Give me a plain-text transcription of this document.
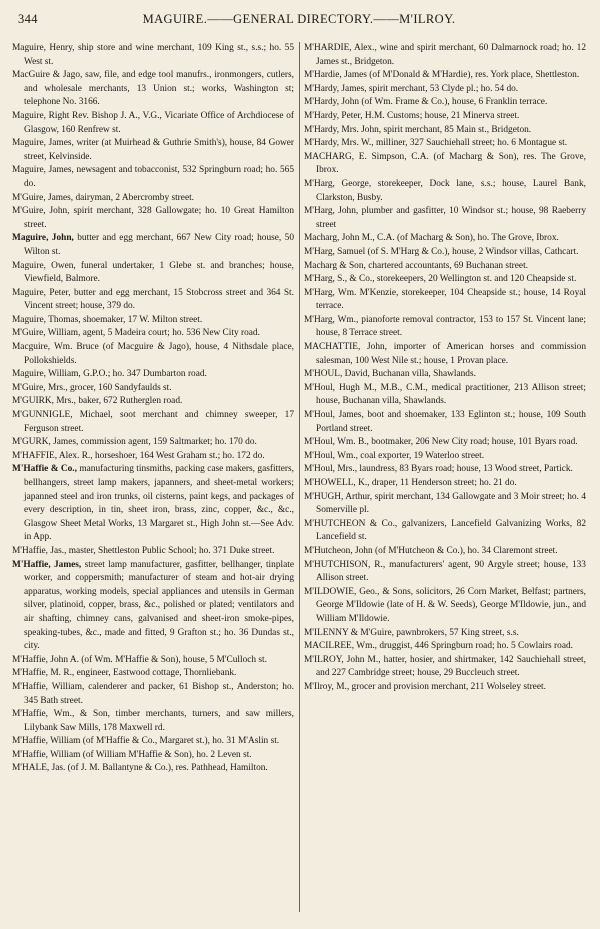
344	MAGUIRE.——GENERAL DIRECTORY.——M'ILROY.

Maguire, Henry, ship store and wine merchant, 109 King st., s.s.; ho. 55 West st.

MacGuire & Jago, saw, file, and edge tool manufrs., ironmongers, cutlers, and wholesale merchants, 13 Union st.; works, Washington st; telephone No. 3166.

Maguire, Right Rev. Bishop J. A., V.G., Vicariate Office of Archdiocese of Glasgow, 160 Renfrew st.

Maguire, James, writer (at Muirhead & Guthrie Smith's), house, 84 Gower street, Kelvinside.

Maguire, James, newsagent and tobacconist, 532 Springburn road; ho. 565 do.

M'Guire, James, dairyman, 2 Abercromby street.

M'Guire, John, spirit merchant, 328 Gallowgate; ho. 10 Great Hamilton street.

Maguire, John, butter and egg merchant, 667 New City road; house, 50 Wilton st.

Maguire, Owen, funeral undertaker, 1 Glebe st. and branches; house, Viewfield, Balmore.

Maguire, Peter, butter and egg merchant, 15 Stobcross street and 364 St. Vincent street; house, 379 do.

Maguire, Thomas, shoemaker, 17 W. Milton street.

M'Guire, William, agent, 5 Madeira court; ho. 536 New City road.

Macguire, Wm. Bruce (of Macguire & Jago), house, 4 Nithsdale place, Pollokshields.

Maguire, William, G.P.O.; ho. 347 Dumbarton road.

M'Guire, Mrs., grocer, 160 Sandyfaulds st.

M'GUIRK, Mrs., baker, 672 Rutherglen road.

M'GUNNIGLE, Michael, soot merchant and chimney sweeper, 17 Ferguson street.

M'GURK, James, commission agent, 159 Saltmarket; ho. 170 do.

M'HAFFIE, Alex. R., horseshoer, 164 West Graham st.; ho. 172 do.

M'Haffie & Co., manufacturing tinsmiths, packing case makers, gasfitters, bellhangers, street lamp makers, japanners, and sheet-metal workers; japanned steel and iron trunks, oil cisterns, paint kegs, and packages of every description, in tin, sheet iron, brass, zinc, copper, &c., &c., Glasgow Sheet Metal Works, 13 Margaret st., High John st.—See Adv. in App.

M'Haffie, Jas., master, Shettleston Public School; ho. 371 Duke street.

M'Haffie, James, street lamp manufacturer, gasfitter, bellhanger, tinplate worker, and coppersmith; manufacturer of steam and hot-air drying apparatus, working models, special appliances and utensils in German silver, platinoid, copper, brass, &c., polished or plated; ventilators and air shafting, chimney cans, galvanised and sheet-iron smoke-pipes, speaking-tubes, &c., made and fitted, 9 Grafton st.; ho. 36 Dundas st., city.

M'Haffie, John A. (of Wm. M'Haffie & Son), house, 5 M'Culloch st.

M'Haffie, M. R., engineer, Eastwood cottage, Thornliebank.

M'Haffie, William, calenderer and packer, 61 Bishop st., Anderston; ho. 345 Bath street.

M'Haffie, Wm., & Son, timber merchants, turners, and saw millers, Lilybank Saw Mills, 178 Maxwell rd.

M'Haffie, William (of M'Haffie & Co., Margaret st.), ho. 31 M'Aslin st.

M'Haffie, William (of William M'Haffie & Son), ho. 2 Leven st.

M'HALE, Jas. (of J. M. Ballantyne & Co.), res. Pathhead, Hamilton.

M'HARDIE, Alex., wine and spirit merchant, 60 Dalmarnock road; ho. 12 James st., Bridgeton.

M'Hardie, James (of M'Donald & M'Hardie), res. York place, Shettleston.

M'Hardy, James, spirit merchant, 53 Clyde pl.; ho. 54 do.

M'Hardy, John (of Wm. Frame & Co.), house, 6 Franklin terrace.

M'Hardy, Peter, H.M. Customs; house, 21 Minerva street.

M'Hardy, Mrs. John, spirit merchant, 85 Main st., Bridgeton.

M'Hardy, Mrs. W., milliner, 327 Sauchiehall street; ho. 6 Montague st.

MACHARG, E. Simpson, C.A. (of Macharg & Son), res. The Grove, Ibrox.

M'Harg, George, storekeeper, Dock lane, s.s.; house, Laurel Bank, Clarkston, Busby.

M'Harg, John, plumber and gasfitter, 10 Windsor st.; house, 98 Raeberry street

Macharg, John M., C.A. (of Macharg & Son), ho. The Grove, Ibrox.

M'Harg, Samuel (of S. M'Harg & Co.), house, 2 Windsor villas, Cathcart.

Macharg & Son, chartered accountants, 69 Buchanan street.

M'Harg, S., & Co., storekeepers, 20 Wellington st. and 120 Cheapside st.

M'Harg, Wm. M'Kenzie, storekeeper, 104 Cheapside st.; house, 14 Royal terrace.

M'Harg, Wm., pianoforte removal contractor, 153 to 157 St. Vincent lane; house, 8 Terrace street.

MACHATTIE, John, importer of American horses and commission salesman, 100 West Nile st.; house, 1 Provan place.

M'HOUL, David, Buchanan villa, Shawlands.

M'Houl, Hugh M., M.B., C.M., medical practitioner, 213 Allison street; house, Buchanan villa, Shawlands.

M'Houl, James, boot and shoemaker, 133 Eglinton st.; house, 109 South Portland street.

M'Houl, Wm. B., bootmaker, 206 New City road; house, 101 Byars road.

M'Houl, Wm., coal exporter, 19 Waterloo street.

M'Houl, Mrs., laundress, 83 Byars road; house, 13 Wood street, Partick.

M'HOWELL, K., draper, 11 Henderson street; ho. 21 do.

M'HUGH, Arthur, spirit merchant, 134 Gallowgate and 3 Moir street; ho. 4 Somerville pl.

M'HUTCHEON & Co., galvanizers, Lancefield Galvanizing Works, 82 Lancefield st.

M'Hutcheon, John (of M'Hutcheon & Co.), ho. 34 Claremont street.

M'HUTCHISON, R., manufacturers' agent, 90 Argyle street; house, 133 Allison street.

M'ILDOWIE, Geo., & Sons, solicitors, 26 Corn Market, Belfast; partners, George M'Ildowie (late of H. & W. Seeds), George M'Ildowie, jun., and William M'Ildowie.

M'ILENNY & M'Guire, pawnbrokers, 57 King street, s.s.

MACILREE, Wm., druggist, 446 Springburn road; ho. 5 Cowlairs road.

M'ILROY, John M., hatter, hosier, and shirtmaker, 142 Sauchiehall street, and 227 Cambridge street; house, 29 Buccleuch street.

M'Ilroy, M., grocer and provision merchant, 211 Wolseley street.
